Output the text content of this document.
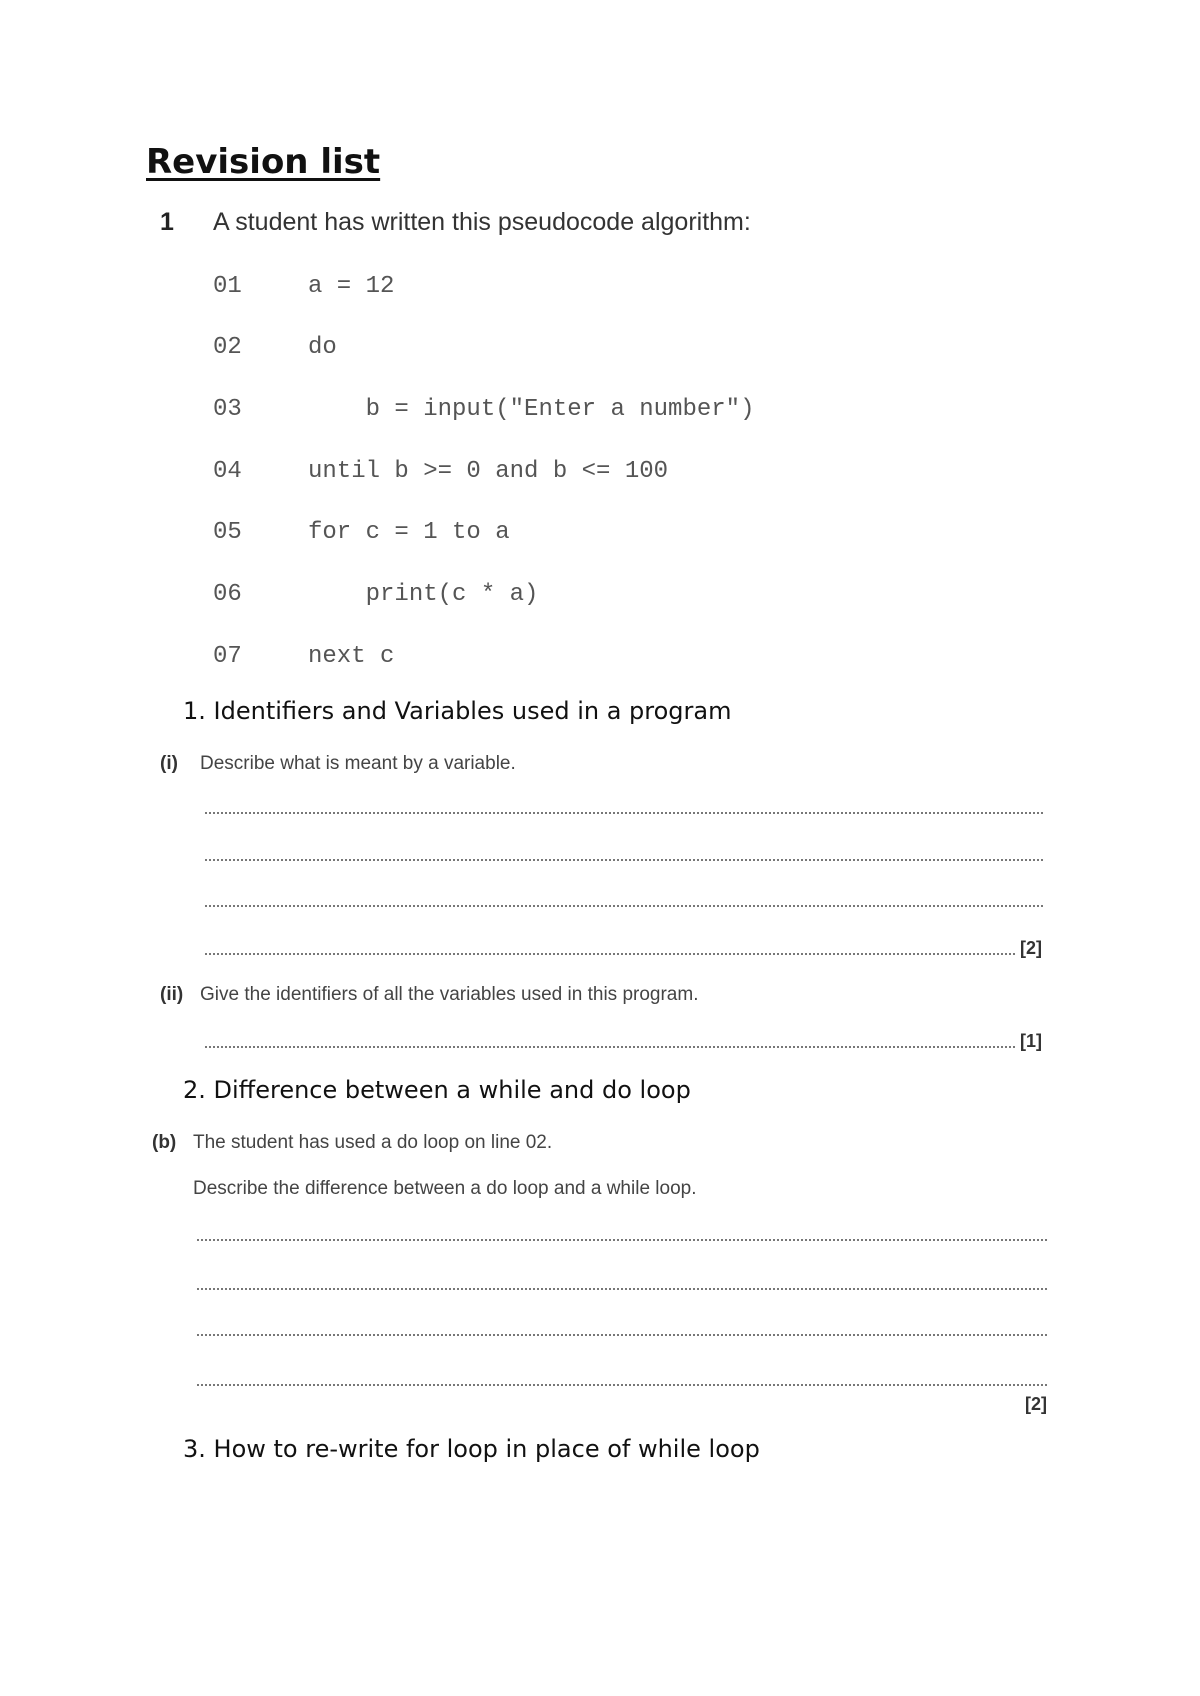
Revision list
1 A student has written this pseudocode algorithm:
01	a = 12
02	do
03	b = input("Enter a number")
04	until b >= 0 and b <= 100
05	for c = 1 to a
06	print(c * a)
07	next c
1. Identifiers and Variables used in a program
(i) Describe what is meant by a variable.
[2]
(ii) Give the identifiers of all the variables used in this program.
[1]
2. Difference between a while and do loop
(b) The student has used a do loop on line 02.
Describe the difference between a do loop and a while loop.
[2]
3. How to re-write for loop in place of while loop
